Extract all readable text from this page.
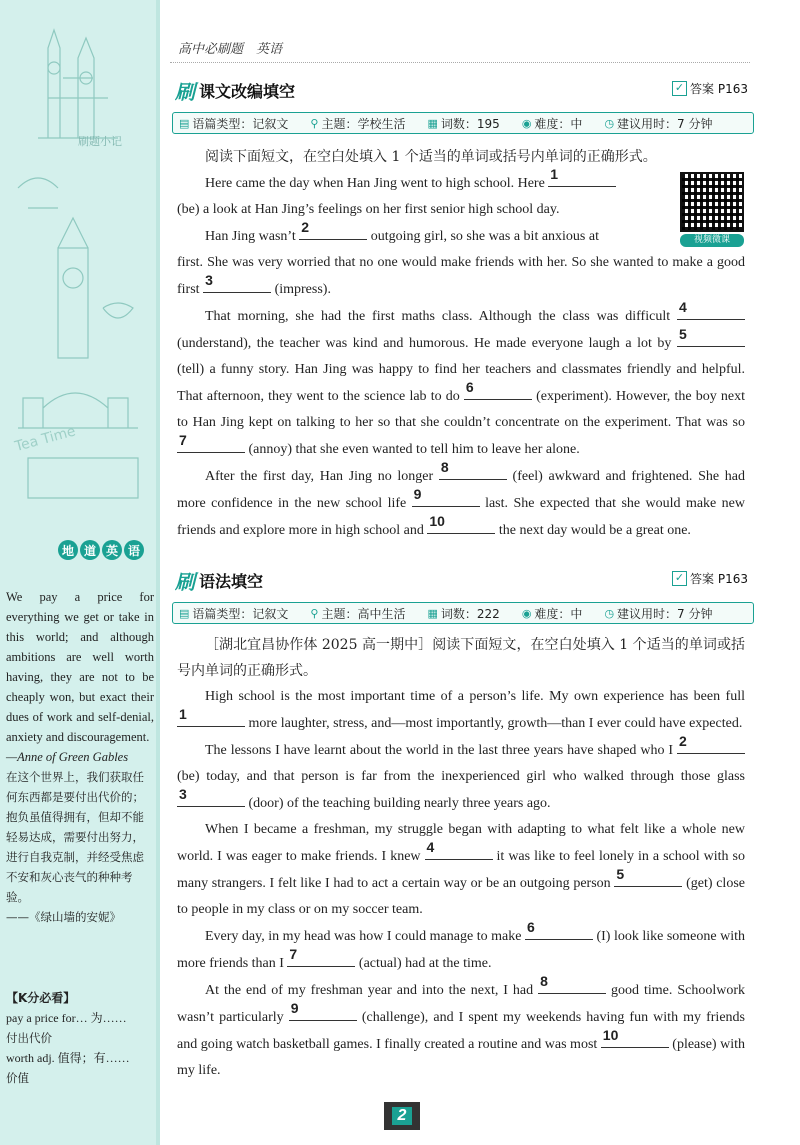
Tea Time
刷题小记
地 道 英 语
We pay a price for everything we get or take in this world; and although ambitions are well worth having, they are not to be cheaply won, but exact their dues of work and self-denial, anxiety and discouragement.
—Anne of Green Gables
在这个世界上，我们获取任何东西都是要付出代价的；抱负虽值得拥有，但却不能轻易达成，需要付出努力，进行自我克制，并经受焦虑不安和灰心丧气的种种考验。
——《绿山墙的安妮》
【K分必看】
pay a price for… 为……
付出代价
worth adj. 值得；有……
价值
高中必刷题　英语
刷 课文改编填空	✓ 答案 P163
▤ 语篇类型：记叙文 ⚲ 主题：学校生活 ▦ 词数：195 ◉ 难度：中 ◷ 建议用时：7 分钟
视频微课

阅读下面短文，在空白处填入 1 个适当的单词或括号内单词的正确形式。

Here came the day when Han Jing went to high school. Here
1

(be) a look at Han Jing’s feelings on her first senior high school day.

Han Jing wasn’t
2
outgoing girl, so she was a bit anxious at

first. She was very worried that no one would make friends with her. So she wanted to make a good first
3
(impress).

That morning, she had the first maths class. Although the class was difficult
4
(understand), the teacher was kind and humorous. He made everyone laugh a lot by
5
(tell) a funny story. Han Jing was happy to find her teachers and classmates friendly and helpful. That afternoon, they went to the science lab to do
6
(experiment). However, the boy next to Han Jing kept on talking to her so that she couldn’t concentrate on the experiment. That was so
7
(annoy) that she even wanted to tell him to leave her alone.

After the first day, Han Jing no longer
8
(feel) awkward and frightened. She had more confidence in the new school life
9
last. She expected that she would make new friends and explore more in high school and
10
the next day would be a great one.

刷 语法填空	✓ 答案 P163
▤ 语篇类型：记叙文 ⚲ 主题：高中生活 ▦ 词数：222 ◉ 难度：中 ◷ 建议用时：7 分钟

［湖北宜昌协作体 2025 高一期中］阅读下面短文，在空白处填入 1 个适当的单词或括号内单词的正确形式。

High school is the most important time of a person’s life. My own experience has been full
1
more laughter, stress, and—most importantly, growth—than I ever could have expected.

The lessons I have learnt about the world in the last three years have shaped who I
2
(be) today, and that person is far from the inexperienced girl who walked through those glass
3
(door) of the teaching building nearly three years ago.

When I became a freshman, my struggle began with adapting to what felt like a whole new world. I was eager to make friends. I knew
4
it was like to feel lonely in a school with so many strangers. I felt like I had to act a certain way or be an outgoing person
5
(get) close to people in my class or on my soccer team.

Every day, in my head was how I could manage to make
6
(I) look like someone with more friends than I
7
(actual) had at the time.

At the end of my freshman year and into the next, I had
8
good time. Schoolwork wasn’t particularly
9
(challenge), and I spent my weekends having fun with my friends and going watch basketball games. I finally created a routine and was most
10
(please) with my life.

2
